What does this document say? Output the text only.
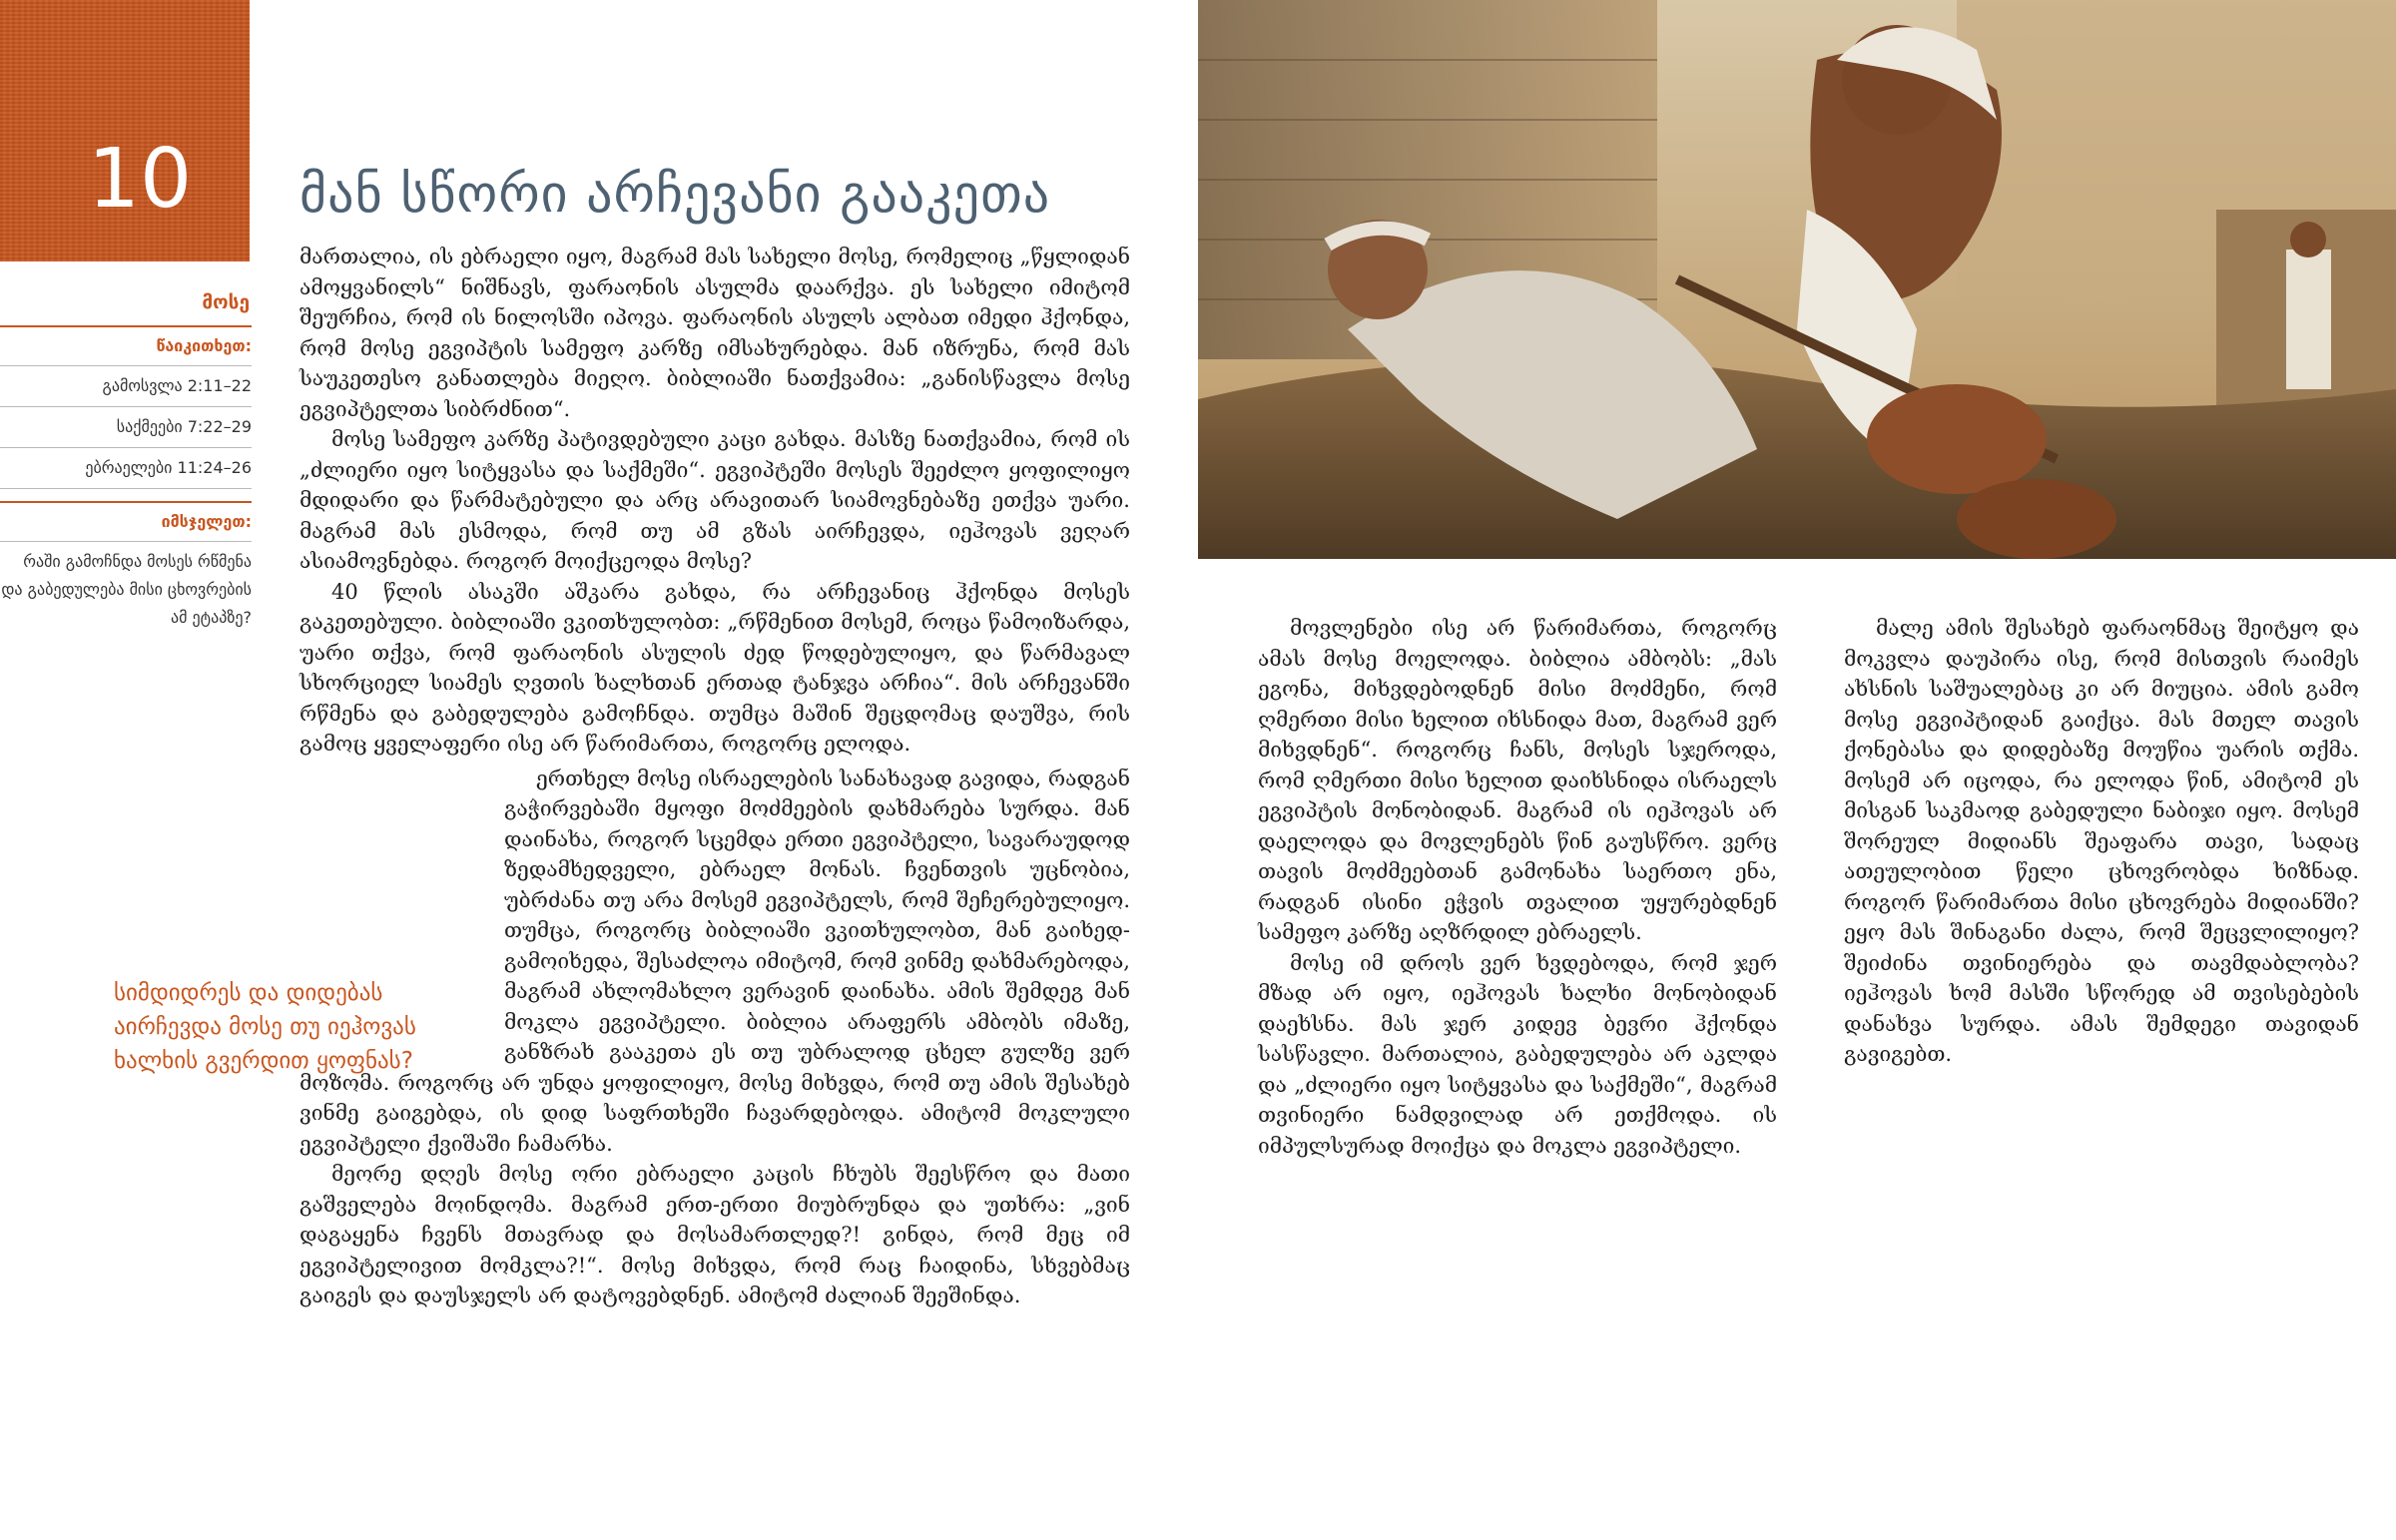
10	მან სწორი არჩევანი გააკეთა
მოსე
წაიკითხეთ:
გამოსვლა 2:11–22
საქმეები 7:22–29
ებრაელები 11:24–26
იმსჯელეთ:
რაში გამოჩნდა მოსეს რწმენა და გაბედულება მისი ცხოვრების ამ ეტაპზე?

მართალია, ის ებრაელი იყო, მაგრამ მას სახელი მოსე, რომელიც „წყლიდან ამოყვანილს“ ნიშნავს, ფარაონის ასულმა დაარქვა. ეს სახელი იმიტომ შეურჩია, რომ ის ნილოსში იპოვა. ფარაონის ასულს ალბათ იმედი ჰქონდა, რომ მოსე ეგვიპტის სამეფო კარზე იმსახურებდა. მან იზრუნა, რომ მას საუკეთესო განათლება მიეღო. ბიბლიაში ნათქვამია: „განისწავლა მოსე ეგვიპტელთა სიბრძნით“.

მოსე სამეფო კარზე პატივდებული კაცი გახდა. მასზე ნათქვამია, რომ ის „ძლიერი იყო სიტყვასა და საქმეში“. ეგვიპტეში მოსეს შეეძლო ყოფილიყო მდიდარი და წარმატებული და არც არავითარ სიამოვნებაზე ეთქვა უარი. მაგრამ მას ესმოდა, რომ თუ ამ გზას აირჩევდა, იეჰოვას ვეღარ ასიამოვნებდა. როგორ მოიქცეოდა მოსე?

40 წლის ასაკში აშკარა გახდა, რა არჩევანიც ჰქონდა მოსეს გაკეთებული. ბიბლიაში ვკითხულობთ: „რწმენით მოსემ, როცა წამოიზარდა, უარი თქვა, რომ ფარაონის ასულის ძედ წოდებულიყო, და წარმავალ სხორციელ სიამეს ღვთის ხალხთან ერთად ტანჯვა არჩია“. მის არჩევანში რწმენა და გაბედულება გამოჩნდა. თუმცა მაშინ შეცდომაც დაუშვა, რის გამოც ყველაფერი ისე არ წარიმართა, როგორც ელოდა.

ერთხელ მოსე ისრაელების სანახავად გავიდა, რადგან გაჭირვებაში მყოფი მოძმეების დახმარება სურდა. მან დაინახა, როგორ სცემდა ერთი ეგვიპტელი, სავარაუდოდ ზედამხედველი, ებრაელ მონას. ჩვენთვის უცნობია, უბრძანა თუ არა მოსემ ეგვიპტელს, რომ შეჩერებულიყო. თუმცა, როგორც ბიბლიაში ვკითხულობთ, მან გაიხედ-გამოიხედა, შესაძლოა იმიტომ, რომ ვინმე დახმარებოდა, მაგრამ ახლომახლო ვერავინ დაინახა. ამის შემდეგ მან მოკლა ეგვიპტელი. ბიბლია არაფერს ამბობს იმაზე, განზრახ გააკეთა ეს თუ უბრალოდ ცხელ გულზე ვერ მოზომა. როგორც არ უნდა ყოფილიყო, მოსე მიხვდა, რომ თუ ამის შესახებ ვინმე გაიგებდა, ის დიდ საფრთხეში ჩავარდებოდა. ამიტომ მოკლული ეგვიპტელი ქვიშაში ჩამარხა.

მეორე დღეს მოსე ორი ებრაელი კაცის ჩხუბს შეესწრო და მათი გაშველება მოინდომა. მაგრამ ერთ-ერთი მიუბრუნდა და უთხრა: „ვინ დაგაყენა ჩვენს მთავრად და მოსამართლედ?! გინდა, რომ მეც იმ ეგვიპტელივით მომკლა?!“. მოსე მიხვდა, რომ რაც ჩაიდინა, სხვებმაც გაიგეს და დაუსჯელს არ დატოვებდნენ. ამიტომ ძალიან შეეშინდა.

სიმდიდრეს და დიდებას აირჩევდა მოსე თუ იეჰოვას ხალხის გვერდით ყოფნას?

მოვლენები ისე არ წარიმართა, როგორც ამას მოსე მოელოდა. ბიბლია ამბობს: „მას ეგონა, მიხვდებოდნენ მისი მოძმენი, რომ ღმერთი მისი ხელით იხსნიდა მათ, მაგრამ ვერ მიხვდნენ“. როგორც ჩანს, მოსეს სჯეროდა, რომ ღმერთი მისი ხელით დაიხსნიდა ისრაელს ეგვიპტის მონობიდან. მაგრამ ის იეჰოვას არ დაელოდა და მოვლენებს წინ გაუსწრო. ვერც თავის მოძმეებთან გამონახა საერთო ენა, რადგან ისინი ეჭვის თვალით უყურებდნენ სამეფო კარზე აღზრდილ ებრაელს.

მოსე იმ დროს ვერ ხვდებოდა, რომ ჯერ მზად არ იყო, იეჰოვას ხალხი მონობიდან დაეხსნა. მას ჯერ კიდევ ბევრი ჰქონდა სასწავლი. მართალია, გაბედულება არ აკლდა და „ძლიერი იყო სიტყვასა და საქმეში“, მაგრამ თვინიერი ნამდვილად არ ეთქმოდა. ის იმპულსურად მოიქცა და მოკლა ეგვიპტელი.

მალე ამის შესახებ ფარაონმაც შეიტყო და მოკვლა დაუპირა ისე, რომ მისთვის რაიმეს ახსნის საშუალებაც კი არ მიუცია. ამის გამო მოსე ეგვიპტიდან გაიქცა. მას მთელ თავის ქონებასა და დიდებაზე მოუწია უარის თქმა. მოსემ არ იცოდა, რა ელოდა წინ, ამიტომ ეს მისგან საკმაოდ გაბედული ნაბიჯი იყო. მოსემ შორეულ მიდიანს შეაფარა თავი, სადაც ათეულობით წელი ცხოვრობდა ხიზნად. როგორ წარიმართა მისი ცხოვრება მიდიანში? ეყო მას შინაგანი ძალა, რომ შეცვლილიყო? შეიძინა თვინიერება და თავმდაბლობა? იეჰოვას ხომ მასში სწორედ ამ თვისებების დანახვა სურდა. ამას შემდეგი თავიდან გავიგებთ.
